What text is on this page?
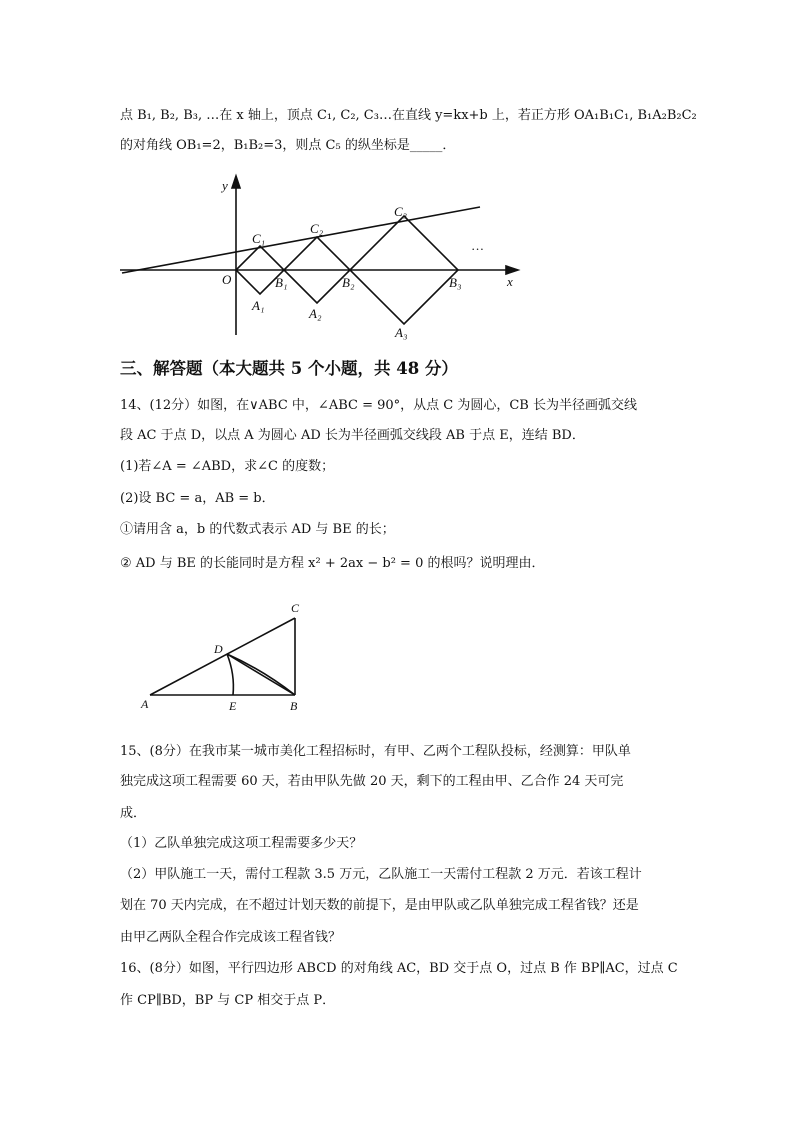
点 B₁, B₂, B₃, …在 x 轴上，顶点 C₁, C₂, C₃…在直线 y=kx+b 上，若正方形 OA₁B₁C₁, B₁A₂B₂C₂
的对角线 OB₁=2，B₁B₂=3，则点 C₅ 的纵坐标是_____．
y
x
O
C₁
C₂
C₃
B₁	B₂	B₃
A₁
A₂
A₃
…
三、解答题（本大题共 5 个小题，共 48 分）
14、(12分）如图，在∨ABC 中，∠ABC = 90°，从点 C 为圆心，CB 长为半径画弧交线
段 AC 于点 D，以点 A 为圆心 AD 长为半径画弧交线段 AB 于点 E，连结 BD．
(1)若∠A = ∠ABD，求∠C 的度数；
(2)设 BC = a，AB = b．
①请用含 a，b 的代数式表示 AD 与 BE 的长；
② AD 与 BE 的长能同时是方程 x² + 2ax − b² = 0 的根吗？说明理由．
A	B
C
D
E
15、(8分）在我市某一城市美化工程招标时，有甲、乙两个工程队投标，经测算：甲队单
独完成这项工程需要 60 天，若由甲队先做 20 天，剩下的工程由甲、乙合作 24 天可完
成．
（1）乙队单独完成这项工程需要多少天？
（2）甲队施工一天，需付工程款 3.5 万元，乙队施工一天需付工程款 2 万元．若该工程计
划在 70 天内完成，在不超过计划天数的前提下，是由甲队或乙队单独完成工程省钱？还是
由甲乙两队全程合作完成该工程省钱？
16、(8分）如图，平行四边形 ABCD 的对角线 AC，BD 交于点 O，过点 B 作 BP∥AC，过点 C
作 CP∥BD，BP 与 CP 相交于点 P．
